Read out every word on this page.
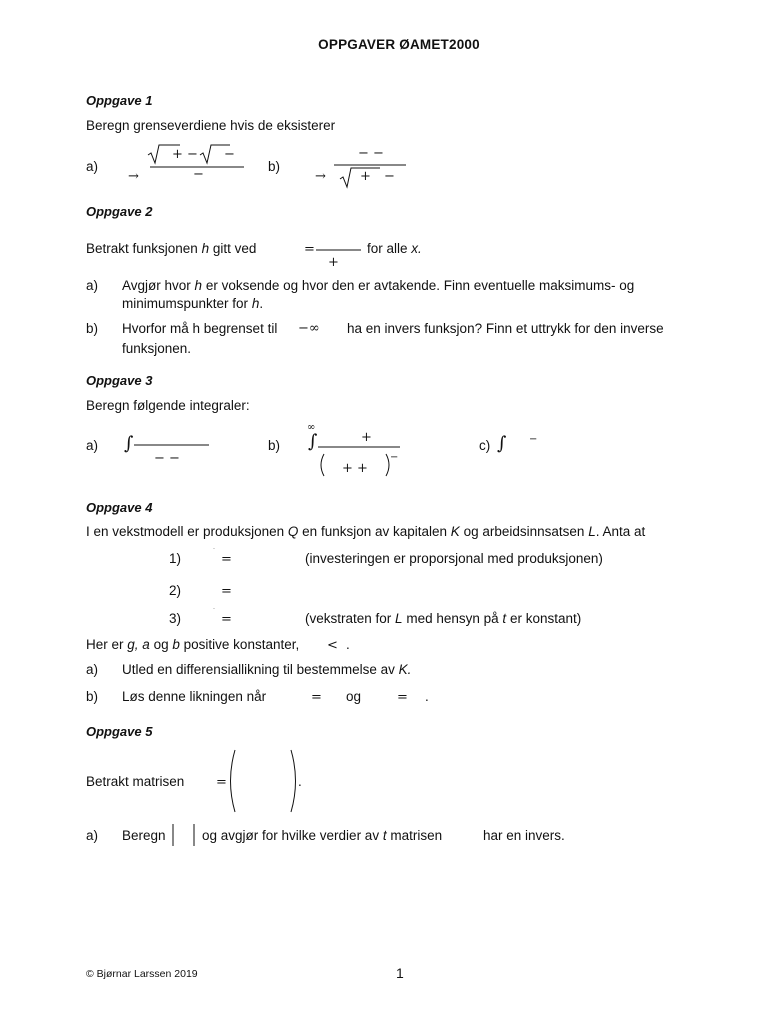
OPPGAVER ØAMET2000
Oppgave 1
Beregn grenseverdiene hvis de eksisterer
a)
+ − −
→	−
b)
− −
→	+ −
Oppgave 2
Betrakt funksjonen h gitt ved	=
+
for alle x.
a) Avgjør hvor h er voksende og hvor den er avtakende. Finn eventuelle maksimums- og
minimumspunkter for h.
b) Hvorfor må h begrenset til −∞ ha en invers funksjon? Finn et uttrykk for den inverse
funksjonen.
Oppgave 3
Beregn følgende integraler:
a) ∫
− −
b)
∞
∫	+
+ +
−
c) ∫ −
Oppgave 4
I en vekstmodell er produksjonen Q en funksjon av kapitalen K og arbeidsinnsatsen L. Anta at
1)
·
=	(investeringen er proporsjonal med produksjonen)
2)	=
3)
·
=	(vekstraten for L med hensyn på t er konstant)
Her er g, a og b positive konstanter, < .
a) Utled en differensiallikning til bestemmelse av K.
b) Løs denne likningen når	= og	= .
Oppgave 5
Betrakt matrisen =	.
a) Beregn	og avgjør for hvilke verdier av t matrisen	har en invers.
© Bjørnar Larssen 2019	1
